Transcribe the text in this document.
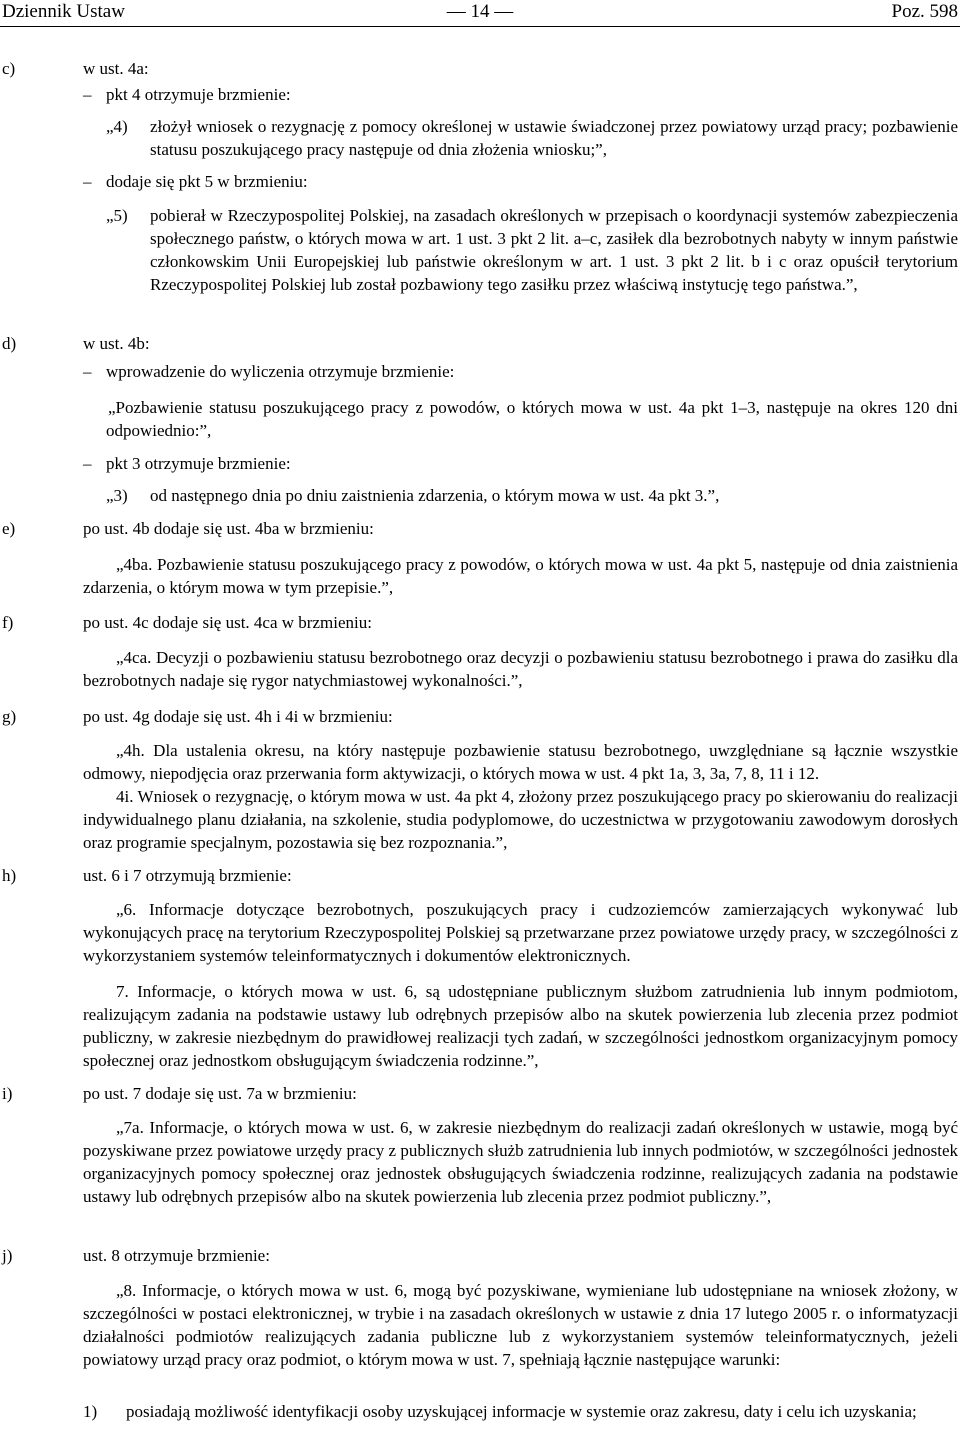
— 14 —
Dziennik Ustaw	Poz. 598
c)	w ust. 4a:
– pkt 4 otrzymuje brzmienie:
„4) złożył wniosek o rezygnację z pomocy określonej w ustawie świadczonej przez powiatowy urząd pracy; pozbawienie statusu poszukującego pracy następuje od dnia złożenia wniosku;”,

– dodaje się pkt 5 w brzmieniu:
„5) pobierał w Rzeczypospolitej Polskiej, na zasadach określonych w przepisach o koordynacji systemów zabezpieczenia społecznego państw, o których mowa w art. 1 ust. 3 pkt 2 lit. a–c, zasiłek dla bezrobotnych nabyty w innym państwie członkowskim Unii Europejskiej lub państwie określonym w art. 1 ust. 3 pkt 2 lit. b i c oraz opuścił terytorium Rzeczypospolitej Polskiej lub został pozbawiony tego zasiłku przez właściwą instytucję tego państwa.”,

d)	w ust. 4b:
– wprowadzenie do wyliczenia otrzymuje brzmienie:

„Pozbawienie statusu poszukującego pracy z powodów, o których mowa w ust. 4a pkt 1–3, następuje na okres 120 dni odpowiednio:”,

– pkt 3 otrzymuje brzmienie:
„3) od następnego dnia po dniu zaistnienia zdarzenia, o którym mowa w ust. 4a pkt 3.”,

e)	po ust. 4b dodaje się ust. 4ba w brzmieniu:

„4ba. Pozbawienie statusu poszukującego pracy z powodów, o których mowa w ust. 4a pkt 5, następuje od dnia zaistnienia zdarzenia, o którym mowa w tym przepisie.”,

f)	po ust. 4c dodaje się ust. 4ca w brzmieniu:

„4ca. Decyzji o pozbawieniu statusu bezrobotnego oraz decyzji o pozbawieniu statusu bezrobotnego i prawa do zasiłku dla bezrobotnych nadaje się rygor natychmiastowej wykonalności.”,

g)	po ust. 4g dodaje się ust. 4h i 4i w brzmieniu:

„4h. Dla ustalenia okresu, na który następuje pozbawienie statusu bezrobotnego, uwzględniane są łącznie wszystkie odmowy, niepodjęcia oraz przerwania form aktywizacji, o których mowa w ust. 4 pkt 1a, 3, 3a, 7, 8, 11 i 12.

4i. Wniosek o rezygnację, o którym mowa w ust. 4a pkt 4, złożony przez poszukującego pracy po skierowaniu do realizacji indywidualnego planu działania, na szkolenie, studia podyplomowe, do uczestnictwa w przygotowaniu zawodowym dorosłych oraz programie specjalnym, pozostawia się bez rozpoznania.”,

h)	ust. 6 i 7 otrzymują brzmienie:

„6. Informacje dotyczące bezrobotnych, poszukujących pracy i cudzoziemców zamierzających wykonywać lub wykonujących pracę na terytorium Rzeczypospolitej Polskiej są przetwarzane przez powiatowe urzędy pracy, w szczególności z wykorzystaniem systemów teleinformatycznych i dokumentów elektronicznych.

7. Informacje, o których mowa w ust. 6, są udostępniane publicznym służbom zatrudnienia lub innym podmiotom, realizującym zadania na podstawie ustawy lub odrębnych przepisów albo na skutek powierzenia lub zlecenia przez podmiot publiczny, w zakresie niezbędnym do prawidłowej realizacji tych zadań, w szczególności jednostkom organizacyjnym pomocy społecznej oraz jednostkom obsługującym świadczenia rodzinne.”,

i)	po ust. 7 dodaje się ust. 7a w brzmieniu:

„7a. Informacje, o których mowa w ust. 6, w zakresie niezbędnym do realizacji zadań określonych w ustawie, mogą być pozyskiwane przez powiatowe urzędy pracy z publicznych służb zatrudnienia lub innych podmiotów, w szczególności jednostek organizacyjnych pomocy społecznej oraz jednostek obsługujących świadczenia rodzinne, realizujących zadania na podstawie ustawy lub odrębnych przepisów albo na skutek powierzenia lub zlecenia przez podmiot publiczny.”,

j)	ust. 8 otrzymuje brzmienie:

„8. Informacje, o których mowa w ust. 6, mogą być pozyskiwane, wymieniane lub udostępniane na wniosek złożony, w szczególności w postaci elektronicznej, w trybie i na zasadach określonych w ustawie z dnia 17 lutego 2005 r. o informatyzacji działalności podmiotów realizujących zadania publiczne lub z wykorzystaniem systemów teleinformatycznych, jeżeli powiatowy urząd pracy oraz podmiot, o którym mowa w ust. 7, spełniają łącznie następujące warunki:

1) posiadają możliwość identyfikacji osoby uzyskującej informacje w systemie oraz zakresu, daty i celu ich uzyskania;
